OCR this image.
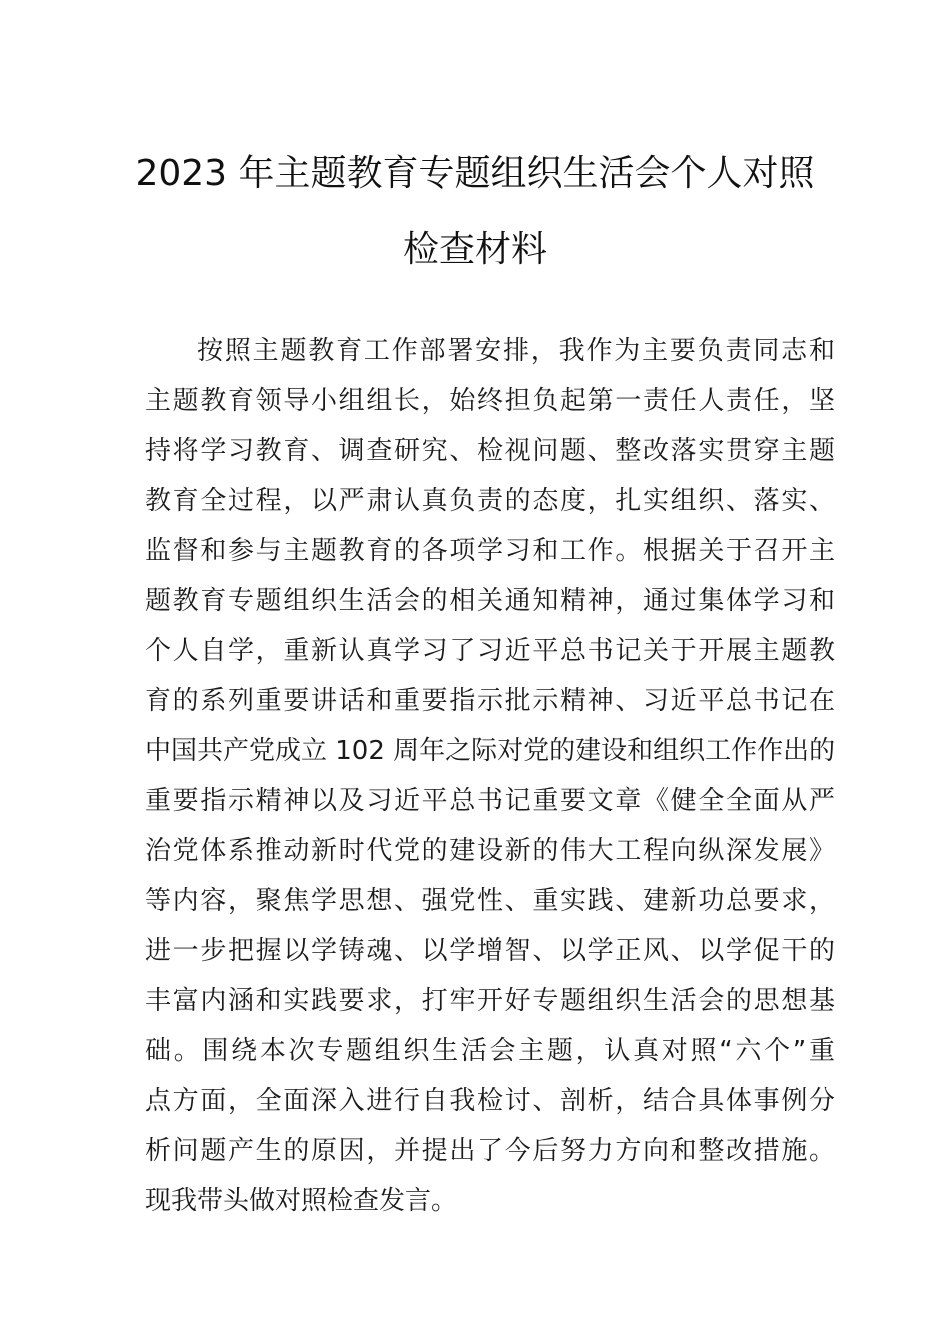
2023 年主题教育专题组织生活会个人对照
检查材料
按照主题教育工作部署安排，我作为主要负责同志和
主题教育领导小组组长，始终担负起第一责任人责任，坚
持将学习教育、调查研究、检视问题、整改落实贯穿主题
教育全过程，以严肃认真负责的态度，扎实组织、落实、
监督和参与主题教育的各项学习和工作。根据关于召开主
题教育专题组织生活会的相关通知精神，通过集体学习和
个人自学，重新认真学习了习近平总书记关于开展主题教
育的系列重要讲话和重要指示批示精神、习近平总书记在
中国共产党成立 102 周年之际对党的建设和组织工作作出的
重要指示精神以及习近平总书记重要文章《健全全面从严
治党体系推动新时代党的建设新的伟大工程向纵深发展》
等内容，聚焦学思想、强党性、重实践、建新功总要求，
进一步把握以学铸魂、以学增智、以学正风、以学促干的
丰富内涵和实践要求，打牢开好专题组织生活会的思想基
础。围绕本次专题组织生活会主题，认真对照“六个”重
点方面，全面深入进行自我检讨、剖析，结合具体事例分
析问题产生的原因，并提出了今后努力方向和整改措施。
现我带头做对照检查发言。
